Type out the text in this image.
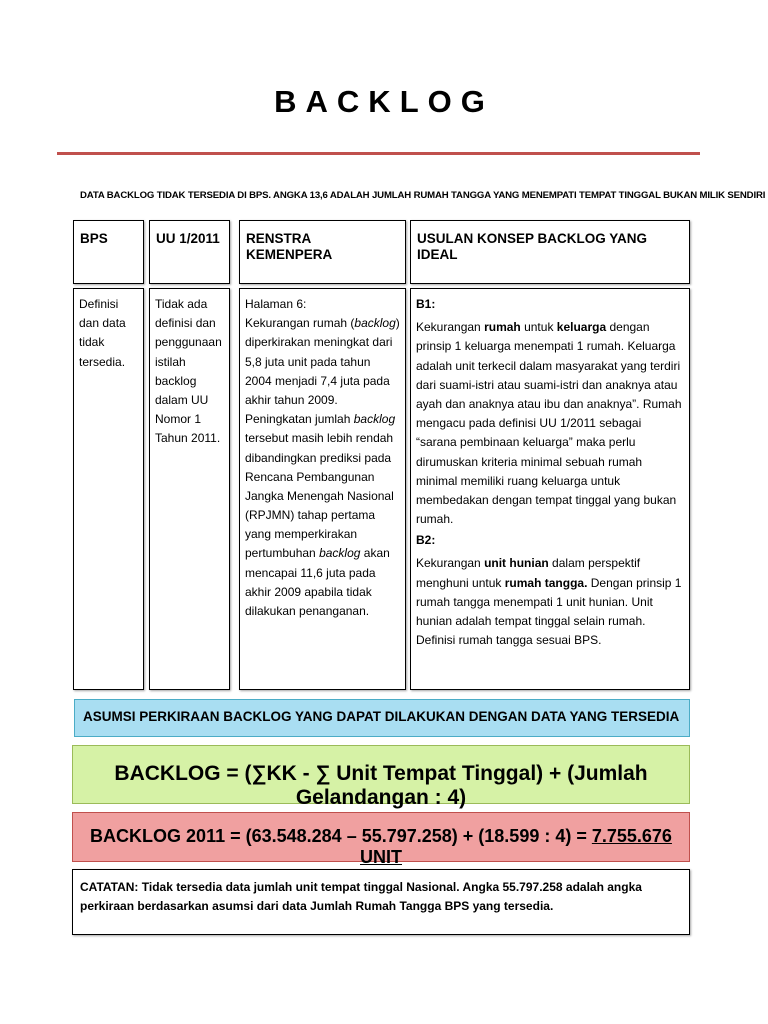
BACKLOG
DATA BACKLOG TIDAK TERSEDIA DI BPS. ANGKA 13,6 ADALAH JUMLAH RUMAH TANGGA YANG MENEMPATI TEMPAT TINGGAL BUKAN MILIK SENDIRI
BPS	UU 1/2011	RENSTRA KEMENPERA
USULAN KONSEP BACKLOG YANG IDEAL
Definisi dan data tidak tersedia.
Tidak ada definisi dan penggunaan istilah backlog dalam UU Nomor 1 Tahun 2011.

Halaman 6:

Kekurangan rumah (backlog) diperkirakan meningkat dari 5,8 juta unit pada tahun 2004 menjadi 7,4 juta pada akhir tahun 2009. Peningkatan jumlah backlog tersebut masih lebih rendah dibandingkan prediksi pada Rencana Pembangunan Jangka Menengah Nasional (RPJMN) tahap pertama yang memperkirakan pertumbuhan backlog akan mencapai 11,6 juta pada akhir 2009 apabila tidak dilakukan penanganan.

B1:

Kekurangan rumah untuk keluarga dengan prinsip 1 keluarga menempati 1 rumah. Keluarga adalah unit terkecil dalam masyarakat yang terdiri dari suami-istri atau suami-istri dan anaknya atau ayah dan anaknya atau ibu dan anaknya”. Rumah mengacu pada definisi UU 1/2011 sebagai “sarana pembinaan keluarga” maka perlu dirumuskan kriteria minimal sebuah rumah minimal memiliki ruang keluarga untuk membedakan dengan tempat tinggal yang bukan rumah.

B2:

Kekurangan unit hunian dalam perspektif menghuni untuk rumah tangga. Dengan prinsip 1 rumah tangga menempati 1 unit hunian. Unit hunian adalah tempat tinggal selain rumah. Definisi rumah tangga sesuai BPS.

ASUMSI PERKIRAAN BACKLOG YANG DAPAT DILAKUKAN DENGAN DATA YANG TERSEDIA
BACKLOG = (∑KK - ∑ Unit Tempat Tinggal) + (Jumlah Gelandangan : 4)
BACKLOG 2011 = (63.548.284 – 55.797.258) + (18.599 : 4) = 7.755.676 UNIT
CATATAN: Tidak tersedia data jumlah unit tempat tinggal Nasional. Angka 55.797.258 adalah angka perkiraan berdasarkan asumsi dari data Jumlah Rumah Tangga BPS yang tersedia.
